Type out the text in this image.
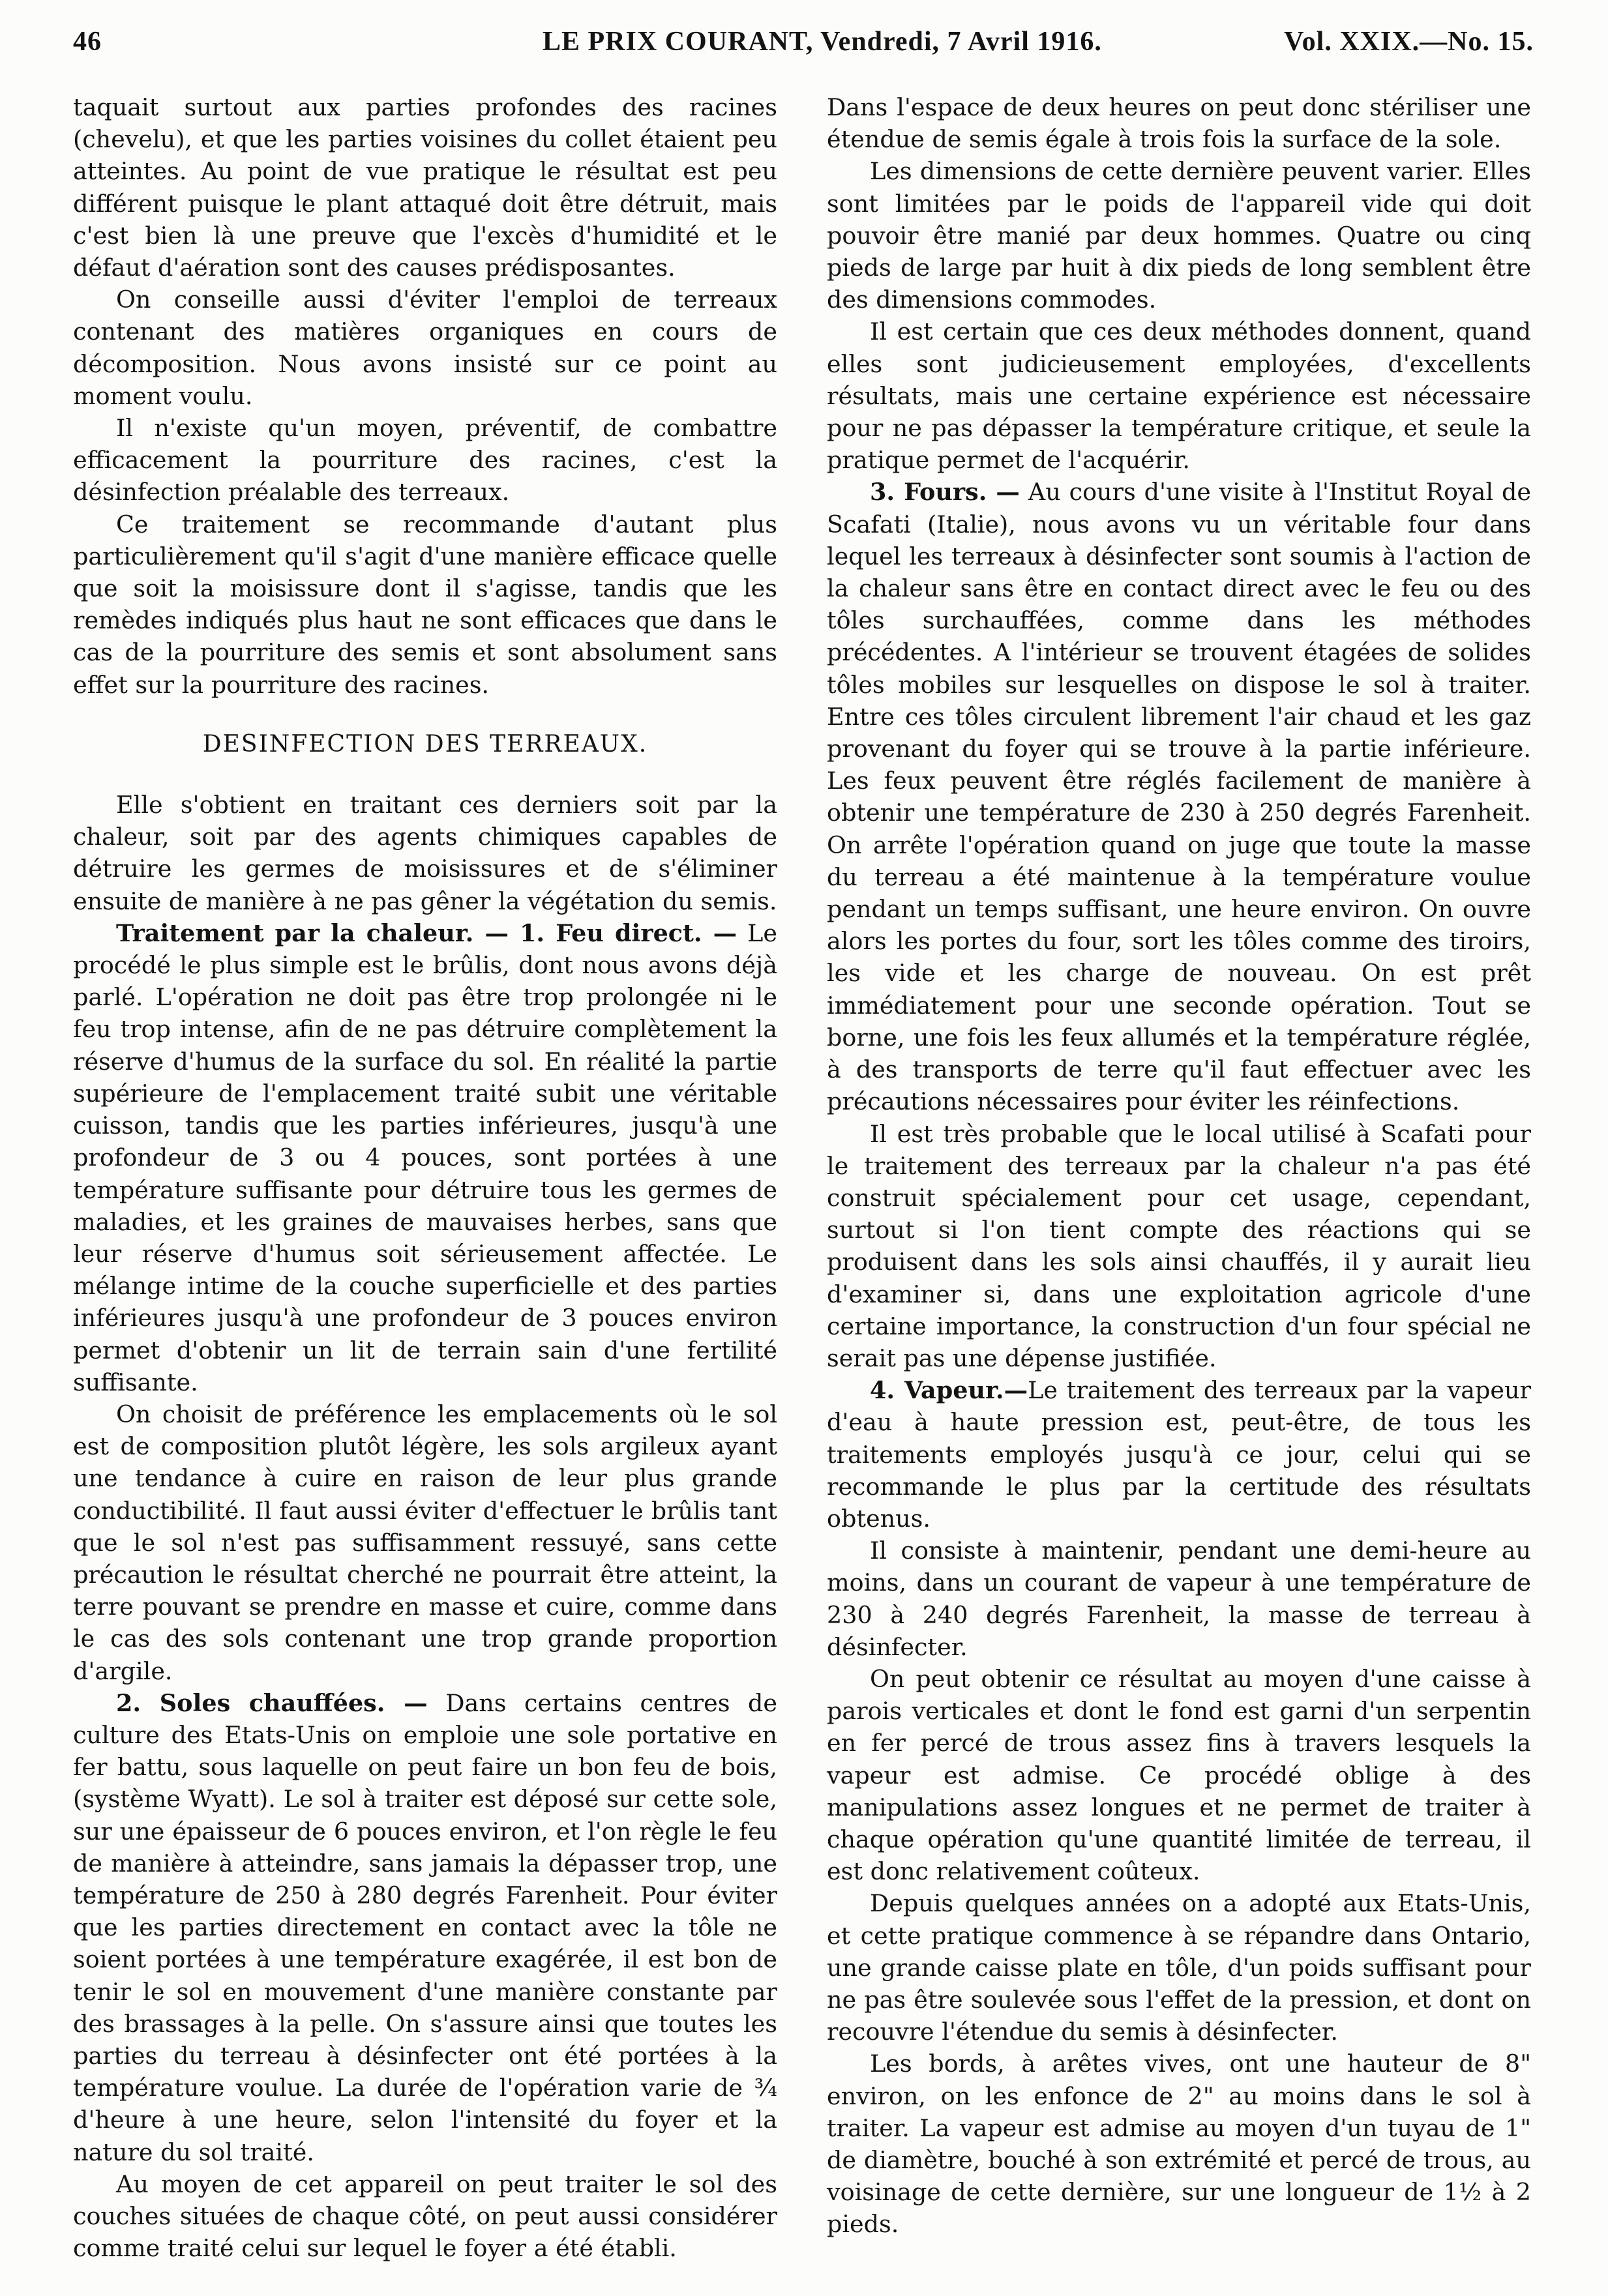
46	LE PRIX COURANT, Vendredi, 7 Avril 1916.	Vol. XXIX.—No. 15.

taquait surtout aux parties profondes des racines (chevelu), et que les parties voisines du collet étaient peu atteintes. Au point de vue pratique le résultat est peu différent puisque le plant attaqué doit être détruit, mais c'est bien là une preuve que l'excès d'humidité et le défaut d'aération sont des causes prédisposantes.

On conseille aussi d'éviter l'emploi de terreaux contenant des matières organiques en cours de décomposition. Nous avons insisté sur ce point au moment voulu.

Il n'existe qu'un moyen, préventif, de combattre efficacement la pourriture des racines, c'est la désinfection préalable des terreaux.

Ce traitement se recommande d'autant plus particulièrement qu'il s'agit d'une manière efficace quelle que soit la moisissure dont il s'agisse, tandis que les remèdes indiqués plus haut ne sont efficaces que dans le cas de la pourriture des semis et sont absolument sans effet sur la pourriture des racines.

DESINFECTION DES TERREAUX.

Elle s'obtient en traitant ces derniers soit par la chaleur, soit par des agents chimiques capables de détruire les germes de moisissures et de s'éliminer ensuite de manière à ne pas gêner la végétation du semis.

Traitement par la chaleur. — 1. Feu direct. — Le procédé le plus simple est le brûlis, dont nous avons déjà parlé. L'opération ne doit pas être trop prolongée ni le feu trop intense, afin de ne pas détruire complètement la réserve d'humus de la surface du sol. En réalité la partie supérieure de l'emplacement traité subit une véritable cuisson, tandis que les parties inférieures, jusqu'à une profondeur de 3 ou 4 pouces, sont portées à une température suffisante pour détruire tous les germes de maladies, et les graines de mauvaises herbes, sans que leur réserve d'humus soit sérieusement affectée. Le mélange intime de la couche superficielle et des parties inférieures jusqu'à une profondeur de 3 pouces environ permet d'obtenir un lit de terrain sain d'une fertilité suffisante.

On choisit de préférence les emplacements où le sol est de composition plutôt légère, les sols argileux ayant une tendance à cuire en raison de leur plus grande conductibilité. Il faut aussi éviter d'effectuer le brûlis tant que le sol n'est pas suffisamment ressuyé, sans cette précaution le résultat cherché ne pourrait être atteint, la terre pouvant se prendre en masse et cuire, comme dans le cas des sols contenant une trop grande proportion d'argile.

2. Soles chauffées. — Dans certains centres de culture des Etats-Unis on emploie une sole portative en fer battu, sous laquelle on peut faire un bon feu de bois, (système Wyatt). Le sol à traiter est déposé sur cette sole, sur une épaisseur de 6 pouces environ, et l'on règle le feu de manière à atteindre, sans jamais la dépasser trop, une température de 250 à 280 degrés Farenheit. Pour éviter que les parties directement en contact avec la tôle ne soient portées à une température exagérée, il est bon de tenir le sol en mouvement d'une manière constante par des brassages à la pelle. On s'assure ainsi que toutes les parties du terreau à désinfecter ont été portées à la température voulue. La durée de l'opération varie de ¾ d'heure à une heure, selon l'intensité du foyer et la nature du sol traité.

Au moyen de cet appareil on peut traiter le sol des couches situées de chaque côté, on peut aussi considérer comme traité celui sur lequel le foyer a été établi.

Dans l'espace de deux heures on peut donc stériliser une étendue de semis égale à trois fois la surface de la sole.

Les dimensions de cette dernière peuvent varier. Elles sont limitées par le poids de l'appareil vide qui doit pouvoir être manié par deux hommes. Quatre ou cinq pieds de large par huit à dix pieds de long semblent être des dimensions commodes.

Il est certain que ces deux méthodes donnent, quand elles sont judicieusement employées, d'excellents résultats, mais une certaine expérience est nécessaire pour ne pas dépasser la température critique, et seule la pratique permet de l'acquérir.

3. Fours. — Au cours d'une visite à l'Institut Royal de Scafati (Italie), nous avons vu un véritable four dans lequel les terreaux à désinfecter sont soumis à l'action de la chaleur sans être en contact direct avec le feu ou des tôles surchauffées, comme dans les méthodes précédentes. A l'intérieur se trouvent étagées de solides tôles mobiles sur lesquelles on dispose le sol à traiter. Entre ces tôles circulent librement l'air chaud et les gaz provenant du foyer qui se trouve à la partie inférieure. Les feux peuvent être réglés facilement de manière à obtenir une température de 230 à 250 degrés Farenheit. On arrête l'opération quand on juge que toute la masse du terreau a été maintenue à la température voulue pendant un temps suffisant, une heure environ. On ouvre alors les portes du four, sort les tôles comme des tiroirs, les vide et les charge de nouveau. On est prêt immédiatement pour une seconde opération. Tout se borne, une fois les feux allumés et la température réglée, à des transports de terre qu'il faut effectuer avec les précautions nécessaires pour éviter les réinfections.

Il est très probable que le local utilisé à Scafati pour le traitement des terreaux par la chaleur n'a pas été construit spécialement pour cet usage, cependant, surtout si l'on tient compte des réactions qui se produisent dans les sols ainsi chauffés, il y aurait lieu d'examiner si, dans une exploitation agricole d'une certaine importance, la construction d'un four spécial ne serait pas une dépense justifiée.

4. Vapeur.—Le traitement des terreaux par la vapeur d'eau à haute pression est, peut-être, de tous les traitements employés jusqu'à ce jour, celui qui se recommande le plus par la certitude des résultats obtenus.

Il consiste à maintenir, pendant une demi-heure au moins, dans un courant de vapeur à une température de 230 à 240 degrés Farenheit, la masse de terreau à désinfecter.

On peut obtenir ce résultat au moyen d'une caisse à parois verticales et dont le fond est garni d'un serpentin en fer percé de trous assez fins à travers lesquels la vapeur est admise. Ce procédé oblige à des manipulations assez longues et ne permet de traiter à chaque opération qu'une quantité limitée de terreau, il est donc relativement coûteux.

Depuis quelques années on a adopté aux Etats-Unis, et cette pratique commence à se répandre dans Ontario, une grande caisse plate en tôle, d'un poids suffisant pour ne pas être soulevée sous l'effet de la pression, et dont on recouvre l'étendue du semis à désinfecter.

Les bords, à arêtes vives, ont une hauteur de 8" environ, on les enfonce de 2" au moins dans le sol à traiter. La vapeur est admise au moyen d'un tuyau de 1" de diamètre, bouché à son extrémité et percé de trous, au voisinage de cette dernière, sur une longueur de 1½ à 2 pieds.
